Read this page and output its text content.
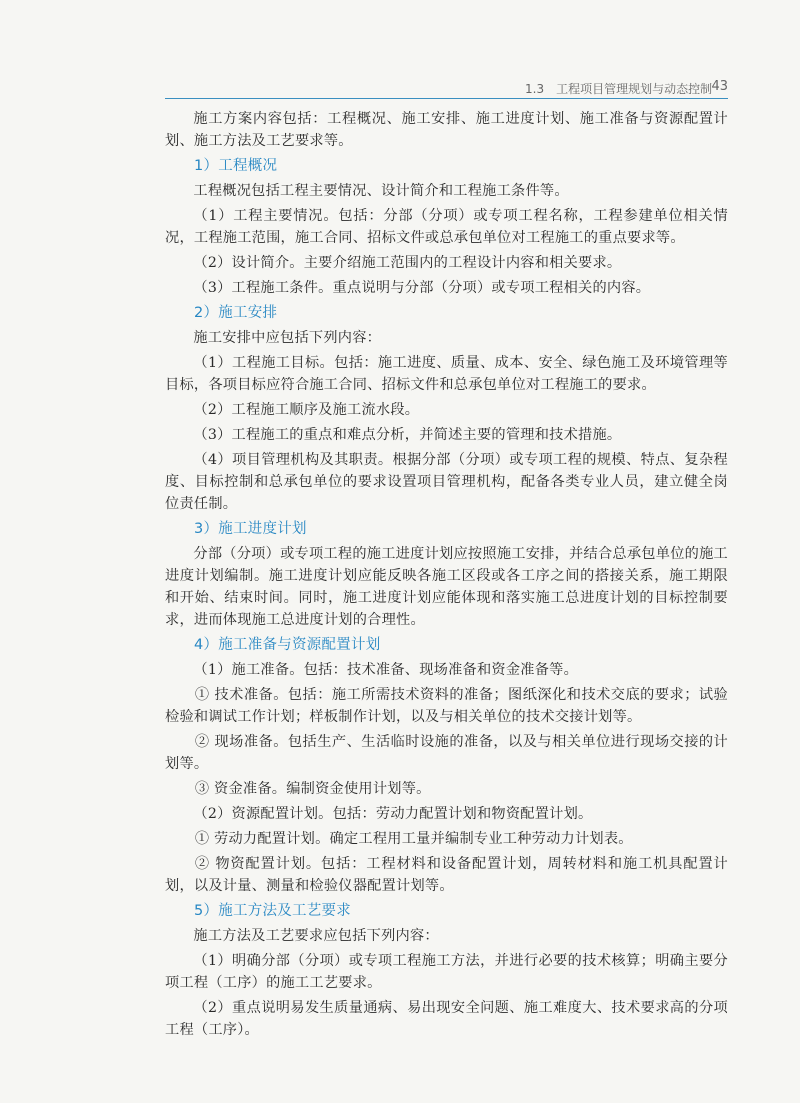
1.3　工程项目管理规划与动态控制 43

施工方案内容包括：工程概况、施工安排、施工进度计划、施工准备与资源配置计划、施工方法及工艺要求等。

1）工程概况

工程概况包括工程主要情况、设计简介和工程施工条件等。

（1）工程主要情况。包括：分部（分项）或专项工程名称，工程参建单位相关情况，工程施工范围，施工合同、招标文件或总承包单位对工程施工的重点要求等。

（2）设计简介。主要介绍施工范围内的工程设计内容和相关要求。

（3）工程施工条件。重点说明与分部（分项）或专项工程相关的内容。

2）施工安排

施工安排中应包括下列内容：

（1）工程施工目标。包括：施工进度、质量、成本、安全、绿色施工及环境管理等目标，各项目标应符合施工合同、招标文件和总承包单位对工程施工的要求。

（2）工程施工顺序及施工流水段。

（3）工程施工的重点和难点分析，并简述主要的管理和技术措施。

（4）项目管理机构及其职责。根据分部（分项）或专项工程的规模、特点、复杂程度、目标控制和总承包单位的要求设置项目管理机构，配备各类专业人员，建立健全岗位责任制。

3）施工进度计划

分部（分项）或专项工程的施工进度计划应按照施工安排，并结合总承包单位的施工进度计划编制。施工进度计划应能反映各施工区段或各工序之间的搭接关系，施工期限和开始、结束时间。同时，施工进度计划应能体现和落实施工总进度计划的目标控制要求，进而体现施工总进度计划的合理性。

4）施工准备与资源配置计划

（1）施工准备。包括：技术准备、现场准备和资金准备等。

① 技术准备。包括：施工所需技术资料的准备；图纸深化和技术交底的要求；试验检验和调试工作计划；样板制作计划，以及与相关单位的技术交接计划等。

② 现场准备。包括生产、生活临时设施的准备，以及与相关单位进行现场交接的计划等。

③ 资金准备。编制资金使用计划等。

（2）资源配置计划。包括：劳动力配置计划和物资配置计划。

① 劳动力配置计划。确定工程用工量并编制专业工种劳动力计划表。

② 物资配置计划。包括：工程材料和设备配置计划，周转材料和施工机具配置计划，以及计量、测量和检验仪器配置计划等。

5）施工方法及工艺要求

施工方法及工艺要求应包括下列内容：

（1）明确分部（分项）或专项工程施工方法，并进行必要的技术核算；明确主要分项工程（工序）的施工工艺要求。

（2）重点说明易发生质量通病、易出现安全问题、施工难度大、技术要求高的分项工程（工序）。
